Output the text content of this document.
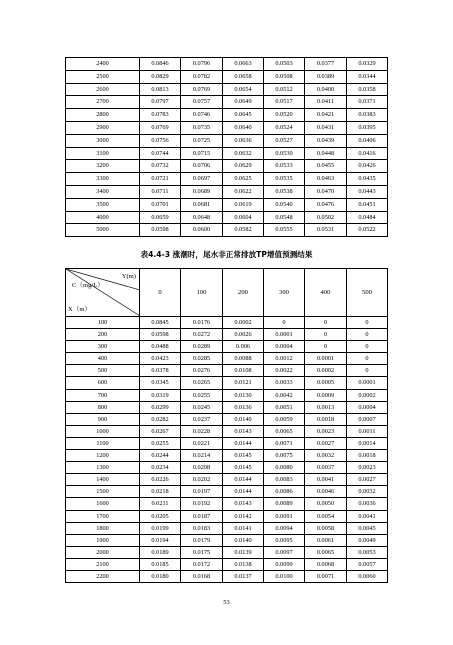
2400	0.0846	0.0796	0.0663	0.0503	0.0377	0.0329
2500	0.0829	0.0782	0.0658	0.0508	0.0389	0.0344
2600	0.0813	0.0769	0.0654	0.0512	0.0400	0.0358
2700	0.0797	0.0757	0.0649	0.0517	0.0411	0.0371
2800	0.0783	0.0746	0.0645	0.0520	0.0421	0.0383
2900	0.0769	0.0735	0.0640	0.0524	0.0431	0.0395
3000	0.0756	0.0725	0.0636	0.0527	0.0439	0.0406
3100	0.0744	0.0715	0.0632	0.0530	0.0448	0.0416
3200	0.0732	0.0706	0.0629	0.0533	0.0455	0.0426
3300	0.0721	0.0697	0.0625	0.0535	0.0463	0.0435
3400	0.0711	0.0689	0.0622	0.0538	0.0470	0.0443
3500	0.0701	0.0681	0.0619	0.0540	0.0476	0.0451
4000	0.0659	0.0648	0.0604	0.0548	0.0502	0.0484
5000	0.0598	0.0600	0.0582	0.0555	0.0531	0.0522
表4.4-3 涨潮时，尾水非正常排放TP增值预测结果
Y(m)
C（mg/L）
X（m）	0	100	200	300	400	500
100	0.0845	0.0176	0.0002	0	0	0
200	0.0598	0.0272	0.0026	0.0001	0	0
300	0.0488	0.0289	0.006	0.0004	0	0
400	0.0423	0.0285	0.0088	0.0012	0.0001	0
500	0.0378	0.0276	0.0108	0.0022	0.0002	0
600	0.0345	0.0265	0.0121	0.0033	0.0005	0.0001
700	0.0319	0.0255	0.0130	0.0042	0.0009	0.0002
800	0.0299	0.0245	0.0136	0.0051	0.0013	0.0004
900	0.0282	0.0237	0.0140	0.0059	0.0018	0.0007
1000	0.0267	0.0228	0.0143	0.0065	0.0023	0.0011
1100	0.0255	0.0221	0.0144	0.0071	0.0027	0.0014
1200	0.0244	0.0214	0.0145	0.0075	0.0032	0.0018
1300	0.0234	0.0208	0.0145	0.0080	0.0037	0.0023
1400	0.0226	0.0202	0.0144	0.0083	0.0041	0.0027
1500	0.0218	0.0197	0.0144	0.0086	0.0046	0.0032
1600	0.0211	0.0192	0.0143	0.0089	0.0050	0.0036
1700	0.0205	0.0187	0.0142	0.0091	0.0054	0.0041
1800	0.0199	0.0183	0.0141	0.0094	0.0058	0.0045
1900	0.0194	0.0179	0.0140	0.0095	0.0061	0.0049
2000	0.0189	0.0175	0.0139	0.0097	0.0065	0.0053
2100	0.0185	0.0172	0.0138	0.0099	0.0068	0.0057
2200	0.0180	0.0168	0.0137	0.0100	0.0071	0.0060
53
